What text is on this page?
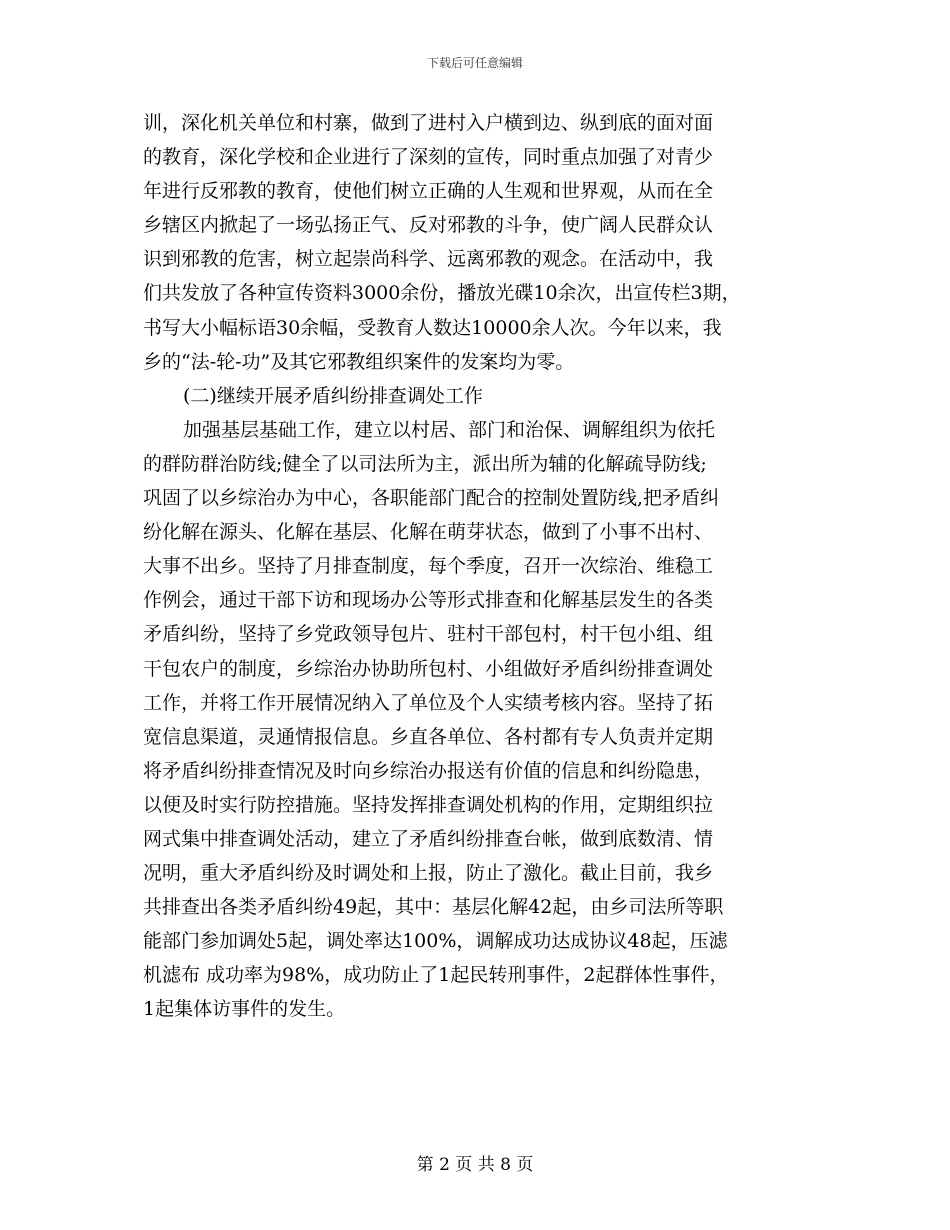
下载后可任意编辑
训，深化机关单位和村寨，做到了进村入户横到边、纵到底的面对面
的教育，深化学校和企业进行了深刻的宣传，同时重点加强了对青少
年进行反邪教的教育，使他们树立正确的人生观和世界观，从而在全
乡辖区内掀起了一场弘扬正气、反对邪教的斗争，使广阔人民群众认
识到邪教的危害，树立起崇尚科学、远离邪教的观念。在活动中，我
们共发放了各种宣传资料3000余份，播放光碟10余次，出宣传栏3期，
书写大小幅标语30余幅，受教育人数达10000余人次。今年以来，我
乡的“法-轮-功”及其它邪教组织案件的发案均为零。
(二)继续开展矛盾纠纷排查调处工作
加强基层基础工作，建立以村居、部门和治保、调解组织为依托
的群防群治防线;健全了以司法所为主，派出所为辅的化解疏导防线;
巩固了以乡综治办为中心，各职能部门配合的控制处置防线,把矛盾纠
纷化解在源头、化解在基层、化解在萌芽状态，做到了小事不出村、
大事不出乡。坚持了月排查制度，每个季度，召开一次综治、维稳工
作例会，通过干部下访和现场办公等形式排查和化解基层发生的各类
矛盾纠纷，坚持了乡党政领导包片、驻村干部包村，村干包小组、组
干包农户的制度，乡综治办协助所包村、小组做好矛盾纠纷排查调处
工作，并将工作开展情况纳入了单位及个人实绩考核内容。坚持了拓
宽信息渠道，灵通情报信息。乡直各单位、各村都有专人负责并定期
将矛盾纠纷排查情况及时向乡综治办报送有价值的信息和纠纷隐患，
以便及时实行防控措施。坚持发挥排查调处机构的作用，定期组织拉
网式集中排查调处活动，建立了矛盾纠纷排查台帐，做到底数清、情
况明，重大矛盾纠纷及时调处和上报，防止了激化。截止目前，我乡
共排查出各类矛盾纠纷49起，其中：基层化解42起，由乡司法所等职
能部门参加调处5起，调处率达100%，调解成功达成协议48起，压滤
机滤布 成功率为98%，成功防止了1起民转刑事件，2起群体性事件，
1起集体访事件的发生。
第 2 页 共 8 页
